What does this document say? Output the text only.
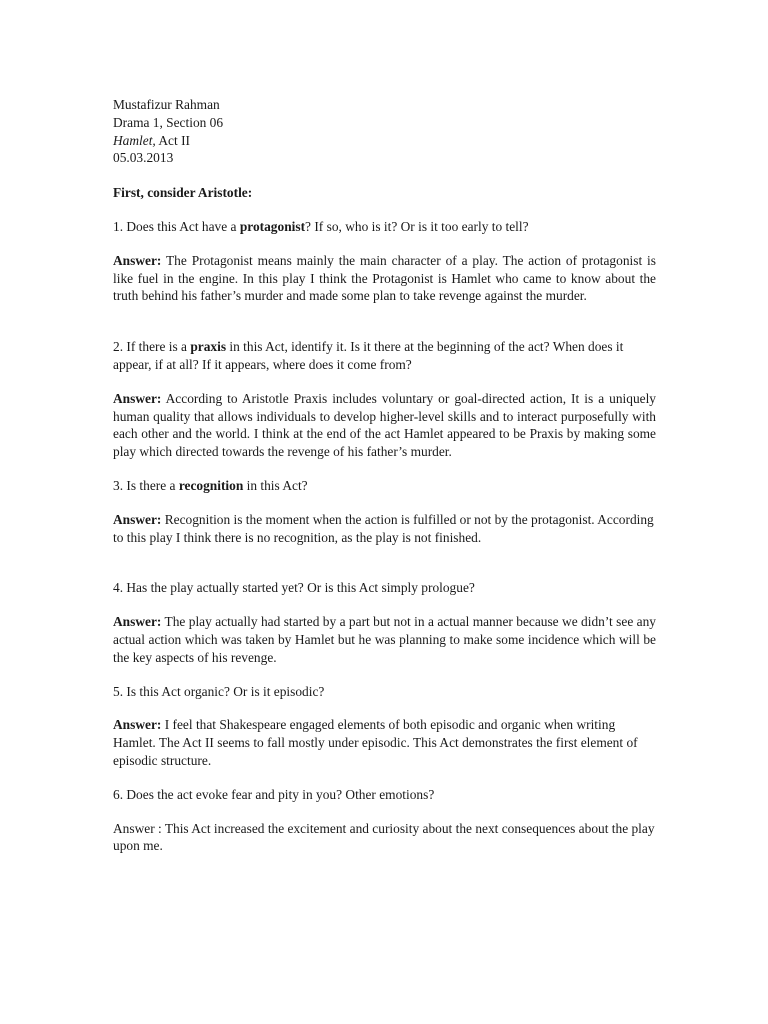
Mustafizur Rahman
Drama 1, Section 06
Hamlet, Act II
05.03.2013
First, consider Aristotle:
1. Does this Act have a protagonist? If so, who is it? Or is it too early to tell?
Answer: The Protagonist means mainly the main character of a play. The action of protagonist is like fuel in the engine. In this play I think the Protagonist is Hamlet who came to know about the truth behind his father’s murder and made some plan to take revenge against the murder.
2. If there is a praxis in this Act, identify it. Is it there at the beginning of the act? When does it appear, if at all? If it appears, where does it come from?
Answer: According to Aristotle Praxis includes voluntary or goal-directed action, It is a uniquely human quality that allows individuals to develop higher-level skills and to interact purposefully with each other and the world. I think at the end of the act Hamlet appeared to be Praxis by making some play which directed towards the revenge of his father’s murder.
3. Is there a recognition in this Act?
Answer: Recognition is the moment when the action is fulfilled or not by the protagonist. According to this play I think there is no recognition, as the play is not finished.
4. Has the play actually started yet? Or is this Act simply prologue?
Answer: The play actually had started by a part but not in a actual manner because we didn’t see any actual action which was taken by Hamlet but he was planning to make some incidence which will be the key aspects of his revenge.
5. Is this Act organic? Or is it episodic?
Answer: I feel that Shakespeare engaged elements of both episodic and organic when writing Hamlet. The Act II seems to fall mostly under episodic. This Act demonstrates the first element of episodic structure.
6. Does the act evoke fear and pity in you? Other emotions?
Answer : This Act increased the excitement and curiosity about the next consequences about the play upon me.
